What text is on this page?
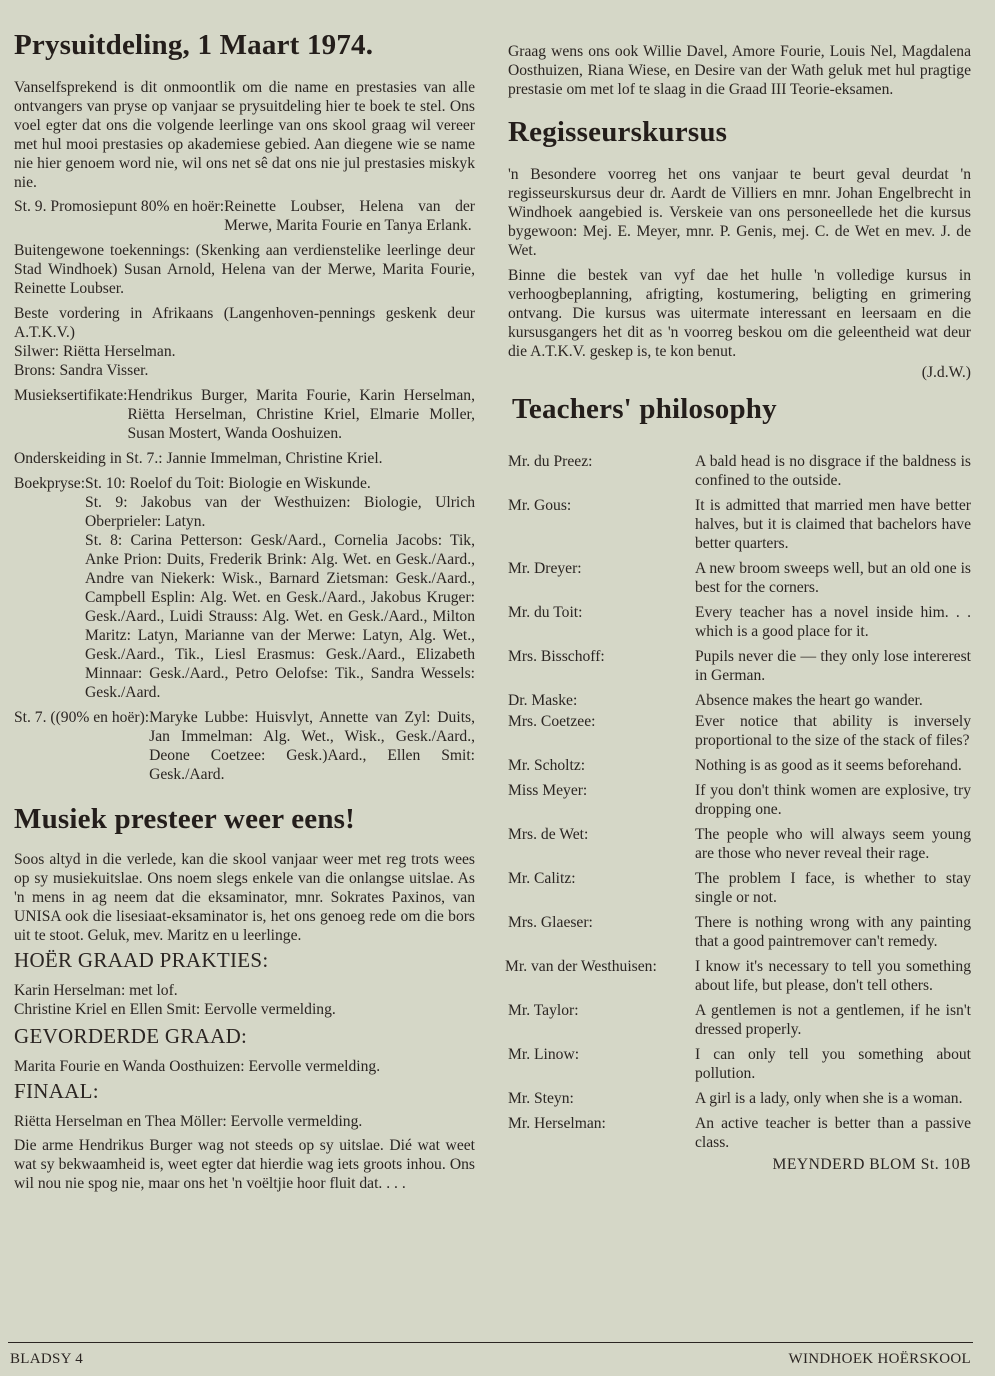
Prysuitdeling, 1 Maart 1974.

Vanselfsprekend is dit onmoontlik om die name en prestasies van alle ontvangers van pryse op vanjaar se prysuitdeling hier te boek te stel. Ons voel egter dat ons die volgende leerlinge van ons skool graag wil vereer met hul mooi prestasies op akademiese gebied. Aan diegene wie se name nie hier genoem word nie, wil ons net sê dat ons nie jul prestasies miskyk nie.

St. 9. Promosiepunt 80% en hoër: Reinette Loubser, Helena van der Merwe, Marita Fourie en Tanya Erlank.

Buitengewone toekennings: (Skenking aan verdienstelike leerlinge deur Stad Windhoek) Susan Arnold, Helena van der Merwe, Marita Fourie, Reinette Loubser.

Beste vordering in Afrikaans (Langenhoven-pennings geskenk deur A.T.K.V.)

Silwer: Riëtta Herselman.
Brons: Sandra Visser.
Musieksertifikate: Hendrikus Burger, Marita Fourie, Karin Herselman, Riëtta Herselman, Christine Kriel, Elmarie Moller, Susan Mostert, Wanda Ooshuizen.
Onderskeiding in St. 7.: Jannie Immelman, Christine Kriel.
Boekpryse: St. 10: Roelof du Toit: Biologie en Wiskunde.
St. 9: Jakobus van der Westhuizen: Biologie, Ulrich Oberprieler: Latyn.
St. 8: Carina Petterson: Gesk/Aard., Cornelia Jacobs: Tik, Anke Prion: Duits, Frederik Brink: Alg. Wet. en Gesk./Aard., Andre van Niekerk: Wisk., Barnard Zietsman: Gesk./Aard., Campbell Esplin: Alg. Wet. en Gesk./Aard., Jakobus Kruger: Gesk./Aard., Luidi Strauss: Alg. Wet. en Gesk./Aard., Milton Maritz: Latyn, Marianne van der Merwe: Latyn, Alg. Wet., Gesk./Aard., Tik., Liesl Erasmus: Gesk./Aard., Elizabeth Minnaar: Gesk./Aard., Petro Oelofse: Tik., Sandra Wessels: Gesk./Aard.
St. 7. ((90% en hoër): Maryke Lubbe: Huisvlyt, Annette van Zyl: Duits, Jan Immelman: Alg. Wet., Wisk., Gesk./Aard., Deone Coetzee: Gesk.)Aard., Ellen Smit: Gesk./Aard.
Musiek presteer weer eens!

Soos altyd in die verlede, kan die skool vanjaar weer met reg trots wees op sy musiekuitslae. Ons noem slegs enkele van die onlangse uitslae. As 'n mens in ag neem dat die eksaminator, mnr. Sokrates Paxinos, van UNISA ook die lisesiaat-eksaminator is, het ons genoeg rede om die bors uit te stoot. Geluk, mev. Maritz en u leerlinge.

HOËR GRAAD PRAKTIES:
Karin Herselman: met lof.
Christine Kriel en Ellen Smit: Eervolle vermelding.
GEVORDERDE GRAAD:
Marita Fourie en Wanda Oosthuizen: Eervolle vermelding.
FINAAL:
Riëtta Herselman en Thea Möller: Eervolle vermelding.

Die arme Hendrikus Burger wag not steeds op sy uitslae. Dié wat weet wat sy bekwaamheid is, weet egter dat hierdie wag iets groots inhou. Ons wil nou nie spog nie, maar ons het 'n voëltjie hoor fluit dat. . . .

Graag wens ons ook Willie Davel, Amore Fourie, Louis Nel, Magdalena Oosthuizen, Riana Wiese, en Desire van der Wath geluk met hul pragtige prestasie om met lof te slaag in die Graad III Teorie-eksamen.

Regisseurskursus

'n Besondere voorreg het ons vanjaar te beurt geval deurdat 'n regisseurskursus deur dr. Aardt de Villiers en mnr. Johan Engelbrecht in Windhoek aangebied is. Verskeie van ons personeellede het die kursus bygewoon: Mej. E. Meyer, mnr. P. Genis, mej. C. de Wet en mev. J. de Wet.

Binne die bestek van vyf dae het hulle 'n volledige kursus in verhoogbeplanning, afrigting, kostumering, beligting en grimering ontvang. Die kursus was uitermate interessant en leersaam en die kursusgangers het dit as 'n voorreg beskou om die geleentheid wat deur die A.T.K.V. geskep is, te kon benut.

(J.d.W.)
Teachers' philosophy
Mr. du Preez:	A bald head is no disgrace if the baldness is confined to the outside.
Mr. Gous:	It is admitted that married men have better halves, but it is claimed that bachelors have better quarters.
Mr. Dreyer:	A new broom sweeps well, but an old one is best for the corners.
Mr. du Toit:	Every teacher has a novel inside him. . . which is a good place for it.
Mrs. Bisschoff:	Pupils never die — they only lose intererest in German.
Dr. Maske:	Absence makes the heart go wander.
Mrs. Coetzee:	Ever notice that ability is inversely proportional to the size of the stack of files?
Mr. Scholtz:	Nothing is as good as it seems beforehand.
Miss Meyer:	If you don't think women are explosive, try dropping one.
Mrs. de Wet:	The people who will always seem young are those who never reveal their rage.
Mr. Calitz:	The problem I face, is whether to stay single or not.
Mrs. Glaeser:	There is nothing wrong with any painting that a good paintremover can't remedy.
Mr. van der Westhuisen:	I know it's necessary to tell you something about life, but please, don't tell others.
Mr. Taylor:	A gentlemen is not a gentlemen, if he isn't dressed properly.
Mr. Linow:	I can only tell you something about pollution.
Mr. Steyn:	A girl is a lady, only when she is a woman.
Mr. Herselman:	An active teacher is better than a passive class.
MEYNDERD BLOM St. 10B
BLADSY 4	WINDHOEK HOËRSKOOL
